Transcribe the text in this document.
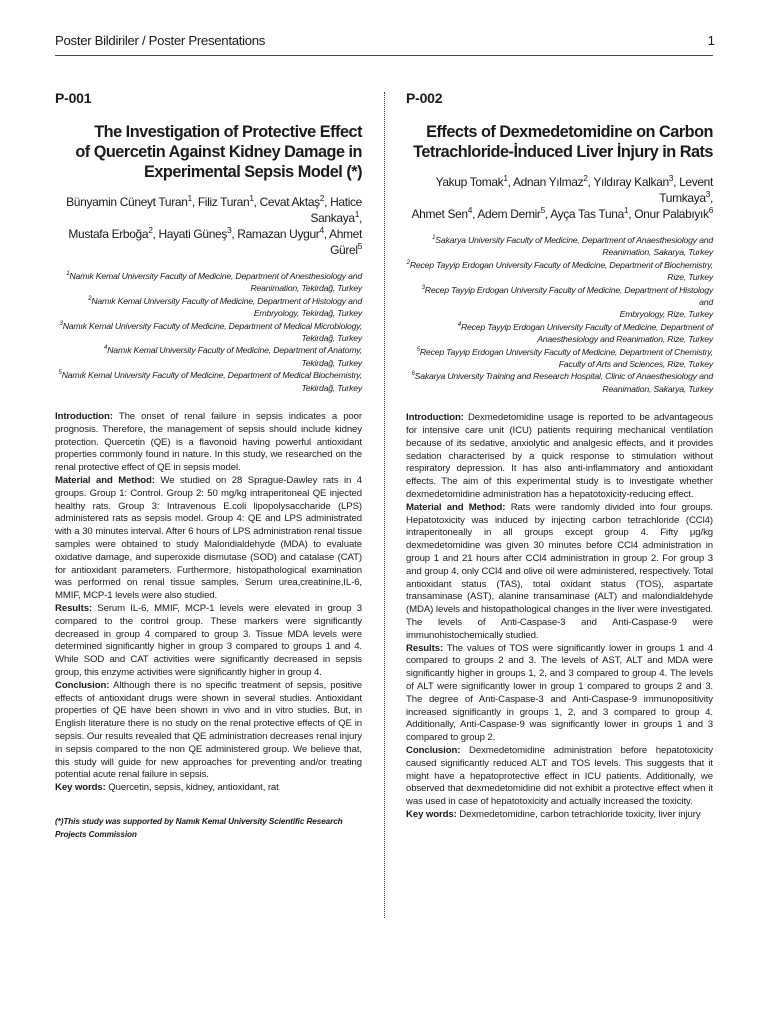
Poster Bildiriler / Poster Presentations	1
P-001
The Investigation of Protective Effect
of Quercetin Against Kidney Damage in
Experimental Sepsis Model (*)
Bünyamin Cüneyt Turan$^1$, Filiz Turan$^1$, Cevat Aktaş$^2$, Hatice Sankaya$^1$,
Mustafa Erboğa$^2$, Hayati Güneş$^3$, Ramazan Uygur$^4$, Ahmet Gürel$^5$
$^1$Namık Kemal University Faculty of Medicine, Department of Anesthesiology and
Reanimation, Tekirdağ, Turkey
$^2$Namık Kemal University Faculty of Medicine, Department of Histology and
Embryology, Tekirdağ, Turkey
$^3$Namık Kemal University Faculty of Medicine, Department of Medical Microbiology,
Tekirdağ, Turkey
$^4$Namık Kemal University Faculty of Medicine, Department of Anatomy,
Tekirdağ, Turkey
$^5$Namık Kemal University Faculty of Medicine, Department of Medical Biochemistry,
Tekirdağ, Turkey

Introduction: The onset of renal failure in sepsis indicates a poor prognosis. Therefore, the management of sepsis should include kidney protection. Quercetin (QE) is a flavonoid having powerful antioxidant properties commonly found in nature. In this study, we researched on the renal protective effect of QE in sepsis model.

Material and Method: We studied on 28 Sprague-Dawley rats in 4 groups. Group 1: Control. Group 2: 50 mg/kg intraperitoneal QE injected healthy rats. Group 3: Intravenous E.coli lipopolysaccharide (LPS) administered rats as sepsis model. Group 4: QE and LPS administrated with a 30 minutes interval. After 6 hours of LPS administration renal tissue samples were obtained to study Malondialdehyde (MDA) to evaluate oxidative damage, and superoxide dismutase (SOD) and catalase (CAT) for antioxidant parameters. Furthermore, histopathological examination was performed on renal tissue samples. Serum urea,creatinine,IL-6, MMIF, MCP-1 levels were also studied.

Results: Serum IL-6, MMIF, MCP-1 levels were elevated in group 3 compared to the control group. These markers were significantly decreased in group 4 compared to group 3. Tissue MDA levels were determined significantly higher in group 3 compared to groups 1 and 4. While SOD and CAT activities were significantly decreased in sepsis group, this enzyme activities were significantly higher in group 4.

Conclusion: Although there is no specific treatment of sepsis, positive effects of antioxidant drugs were shown in several studies. Antioxidant properties of QE have been shown in vivo and in vitro studies. But, in English literature there is no study on the renal protective effects of QE in sepsis. Our results revealed that QE administration decreases renal injury in sepsis compared to the non QE administered group. We believe that, this study will guide for new approaches for preventing and/or treating potential acute renal failure in sepsis.

Key words: Quercetin, sepsis, kidney, antioxidant, rat

(*)This study was supported by Namık Kemal University Scientific Research
Projects Commission
P-002
Effects of Dexmedetomidine on Carbon
Tetrachloride-İnduced Liver İnjury in Rats
Yakup Tomak$^1$, Adnan Yılmaz$^2$, Yıldıray Kalkan$^3$, Levent Tumkaya$^3$,
Ahmet Sen$^4$, Adem Demir$^5$, Ayça Tas Tuna$^1$, Onur Palabıyık$^6$
$^1$Sakarya University Faculty of Medicine, Department of Anaesthesiology and
Reanimation, Sakarya, Turkey
$^2$Recep Tayyip Erdogan University Faculty of Medicine, Department of Biochemistry,
Rize, Turkey
$^3$Recep Tayyip Erdogan University Faculty of Medicine, Department of Histology and
Embryology, Rize, Turkey
$^4$Recep Tayyip Erdogan University Faculty of Medicine, Department of
Anaesthesiology and Reanimation, Rize, Turkey
$^5$Recep Tayyip Erdogan University Faculty of Medicine, Department of Chemistry,
Faculty of Arts and Sciences, Rize, Turkey
$^6$Sakarya University Training and Research Hospital, Clinic of Anaesthesiology and
Reanimation, Sakarya, Turkey

Introduction: Dexmedetomidine usage is reported to be advantageous for intensive care unit (ICU) patients requiring mechanical ventilation because of its sedative, anxiolytic and analgesic effects, and it provides sedation characterised by a quick response to stimulation without respiratory depression. It has also anti-inflammatory and antioxidant effects. The aim of this experimental study is to investigate whether dexmedetomidine administration has a hepatotoxicity-reducing effect.

Material and Method: Rats were randomly divided into four groups. Hepatotoxicity was induced by injecting carbon tetrachloride (CCl4) intraperitoneally in all groups except group 4. Fifty μg/kg dexmedetomidine was given 30 minutes before CCl4 administration in group 1 and 21 hours after CCl4 administration in group 2. For group 3 and group 4, only CCl4 and olive oil were administered, respectively. Total antioxidant status (TAS), total oxidant status (TOS), aspartate transaminase (AST), alanine transaminase (ALT) and malondialdehyde (MDA) levels and histopathological changes in the liver were investigated. The levels of Anti-Caspase-3 and Anti-Caspase-9 were immunohistochemically studied.

Results: The values of TOS were significantly lower in groups 1 and 4 compared to groups 2 and 3. The levels of AST, ALT and MDA were significantly higher in groups 1, 2, and 3 compared to group 4. The levels of ALT were significantly lower in group 1 compared to groups 2 and 3. The degree of Anti-Caspase-3 and Anti-Caspase-9 immunopositivity increased significantly in groups 1, 2, and 3 compared to group 4. Additionally, Anti-Caspase-9 was significantly lower in groups 1 and 3 compared to group 2.

Conclusion: Dexmedetomidine administration before hepatotoxicity caused significantly reduced ALT and TOS levels. This suggests that it might have a hepatoprotective effect in ICU patients. Additionally, we observed that dexmedetomidine did not exhibit a protective effect when it was used in case of hepatotoxicity and actually increased the toxicity.

Key words: Dexmedetomidine, carbon tetrachloride toxicity, liver injury
